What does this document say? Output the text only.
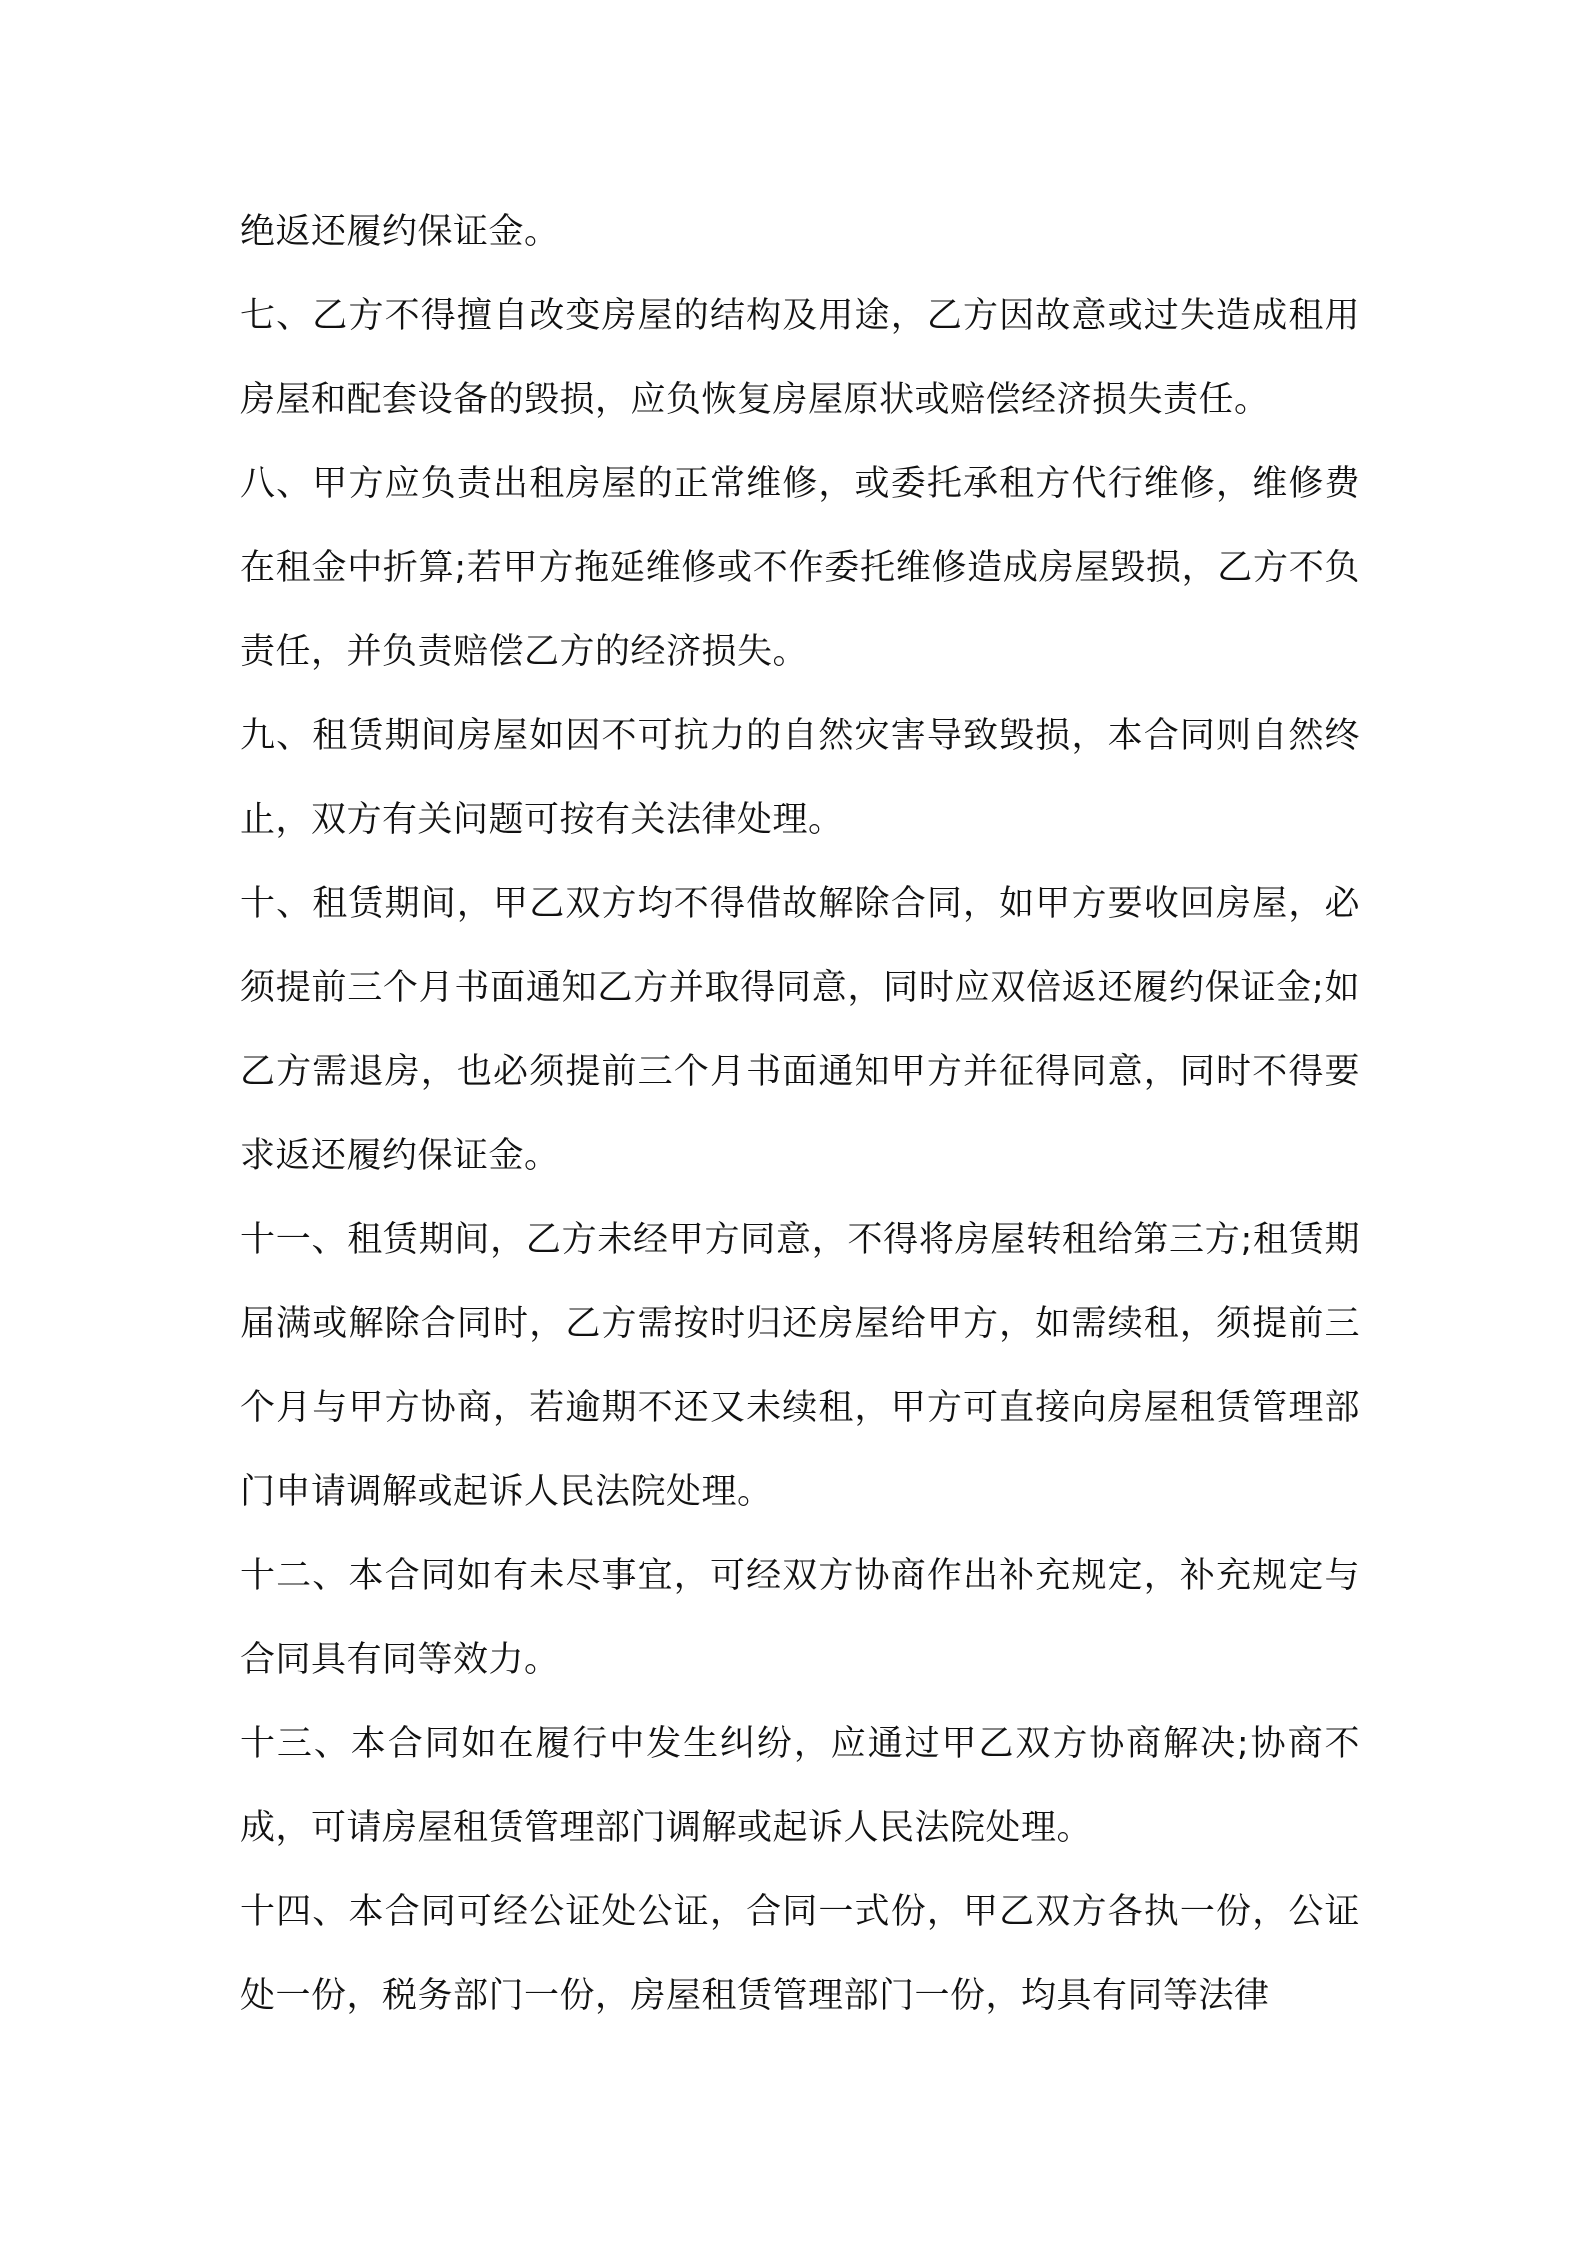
绝返还履约保证金。

七、乙方不得擅自改变房屋的结构及用途，乙方因故意或过失造成租用房屋和配套设备的毁损，应负恢复房屋原状或赔偿经济损失责任。

八、甲方应负责出租房屋的正常维修，或委托承租方代行维修，维修费在租金中折算;若甲方拖延维修或不作委托维修造成房屋毁损，乙方不负责任，并负责赔偿乙方的经济损失。

九、租赁期间房屋如因不可抗力的自然灾害导致毁损，本合同则自然终止，双方有关问题可按有关法律处理。

十、租赁期间，甲乙双方均不得借故解除合同，如甲方要收回房屋，必须提前三个月书面通知乙方并取得同意，同时应双倍返还履约保证金;如乙方需退房，也必须提前三个月书面通知甲方并征得同意，同时不得要求返还履约保证金。

十一、租赁期间，乙方未经甲方同意，不得将房屋转租给第三方;租赁期届满或解除合同时，乙方需按时归还房屋给甲方，如需续租，须提前三个月与甲方协商，若逾期不还又未续租，甲方可直接向房屋租赁管理部门申请调解或起诉人民法院处理。

十二、本合同如有未尽事宜，可经双方协商作出补充规定，补充规定与合同具有同等效力。

十三、本合同如在履行中发生纠纷，应通过甲乙双方协商解决;协商不成，可请房屋租赁管理部门调解或起诉人民法院处理。

十四、本合同可经公证处公证，合同一式份，甲乙双方各执一份，公证处一份，税务部门一份，房屋租赁管理部门一份，均具有同等法律
